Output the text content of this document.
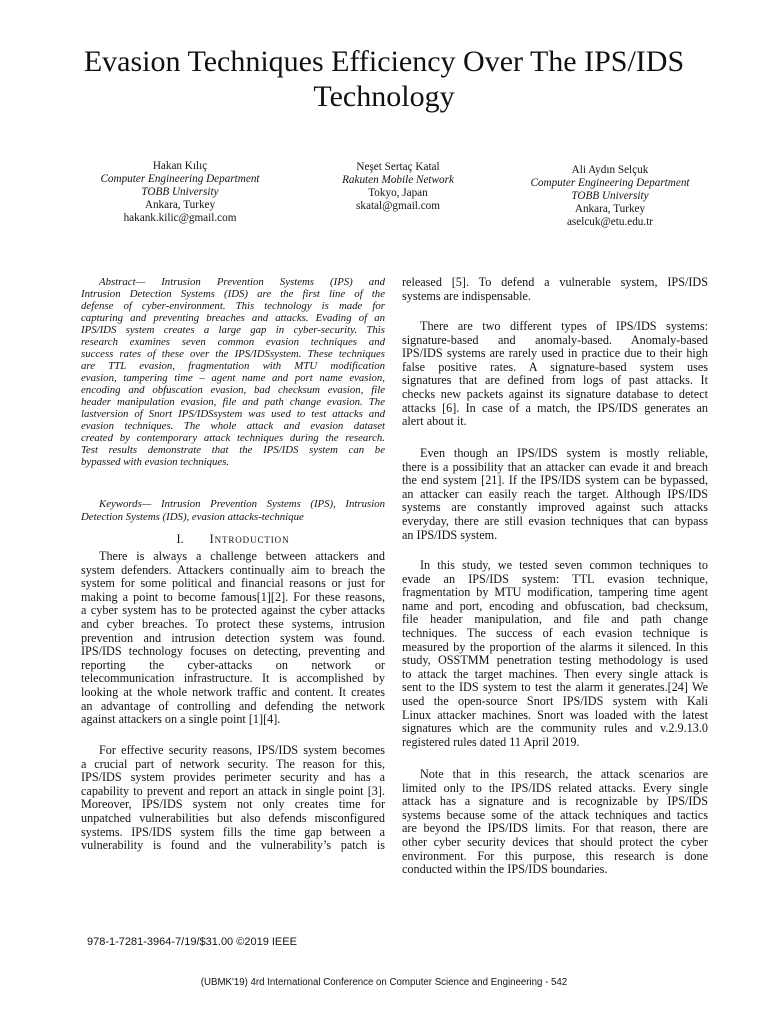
Evasion Techniques Efficiency Over The IPS/IDS
Technology
Hakan Kılıç
Computer Engineering Department
TOBB University
Ankara, Turkey
hakank.kilic@gmail.com
Neşet Sertaç Katal
Rakuten Mobile Network
Tokyo, Japan
skatal@gmail.com
Ali Aydın Selçuk
Computer Engineering Department
TOBB University
Ankara, Turkey
aselcuk@etu.edu.tr
Abstract— Intrusion Prevention Systems (IPS) and
Intrusion Detection Systems (IDS) are the first line of the
defense of cyber-environment. This technology is made for
capturing and preventing breaches and attacks. Evading of an
IPS/IDS system creates a large gap in cyber-security. This
research examines seven common evasion techniques and
success rates of these over the IPS/IDSsystem. These techniques
are TTL evasion, fragmentation with MTU modification
evasion, tampering time – agent name and port name evasion,
encoding and obfuscation evasion, bad checksum evasion, file
header manipulation evasion, file and path change evasion. The
lastversion of Snort IPS/IDSsystem was used to test attacks and
evasion techniques. The whole attack and evasion dataset
created by contemporary attack techniques during the research.
Test results demonstrate that the IPS/IDS system can be
bypassed with evasion techniques.
Keywords— Intrusion Prevention Systems (IPS), Intrusion
Detection Systems (IDS), evasion attacks-technique
I. Introduction
There is always a challenge between attackers and
system defenders. Attackers continually aim to breach the
system for some political and financial reasons or just for
making a point to become famous[1][2]. For these reasons,
a cyber system has to be protected against the cyber attacks
and cyber breaches. To protect these systems, intrusion
prevention and intrusion detection system was found.
IPS/IDS technology focuses on detecting, preventing and
reporting the cyber-attacks on network or
telecommunication infrastructure. It is accomplished by
looking at the whole network traffic and content. It creates
an advantage of controlling and defending the network
against attackers on a single point [1][4].
For effective security reasons, IPS/IDS system becomes
a crucial part of network security. The reason for this,
IPS/IDS system provides perimeter security and has a
capability to prevent and report an attack in single point [3].
Moreover, IPS/IDS system not only creates time for
unpatched vulnerabilities but also defends misconfigured
systems. IPS/IDS system fills the time gap between a
vulnerability is found and the vulnerability’s patch is
released [5]. To defend a vulnerable system, IPS/IDS
systems are indispensable.
There are two different types of IPS/IDS systems:
signature-based and anomaly-based. Anomaly-based
IPS/IDS systems are rarely used in practice due to their high
false positive rates. A signature-based system uses
signatures that are defined from logs of past attacks. It
checks new packets against its signature database to detect
attacks [6]. In case of a match, the IPS/IDS generates an
alert about it.
Even though an IPS/IDS system is mostly reliable,
there is a possibility that an attacker can evade it and breach
the end system [21]. If the IPS/IDS system can be bypassed,
an attacker can easily reach the target. Although IPS/IDS
systems are constantly improved against such attacks
everyday, there are still evasion techniques that can bypass
an IPS/IDS system.
In this study, we tested seven common techniques to
evade an IPS/IDS system: TTL evasion technique,
fragmentation by MTU modification, tampering time agent
name and port, encoding and obfuscation, bad checksum,
file header manipulation, and file and path change
techniques. The success of each evasion technique is
measured by the proportion of the alarms it silenced. In this
study, OSSTMM penetration testing methodology is used
to attack the target machines. Then every single attack is
sent to the IDS system to test the alarm it generates.[24] We
used the open-source Snort IPS/IDS system with Kali
Linux attacker machines. Snort was loaded with the latest
signatures which are the community rules and v.2.9.13.0
registered rules dated 11 April 2019.
Note that in this research, the attack scenarios are
limited only to the IPS/IDS related attacks. Every single
attack has a signature and is recognizable by IPS/IDS
systems because some of the attack techniques and tactics
are beyond the IPS/IDS limits. For that reason, there are
other cyber security devices that should protect the cyber
environment. For this purpose, this research is done
conducted within the IPS/IDS boundaries.
978-1-7281-3964-7/19/$31.00 ©2019 IEEE
(UBMK'19) 4rd International Conference on Computer Science and Engineering - 542
